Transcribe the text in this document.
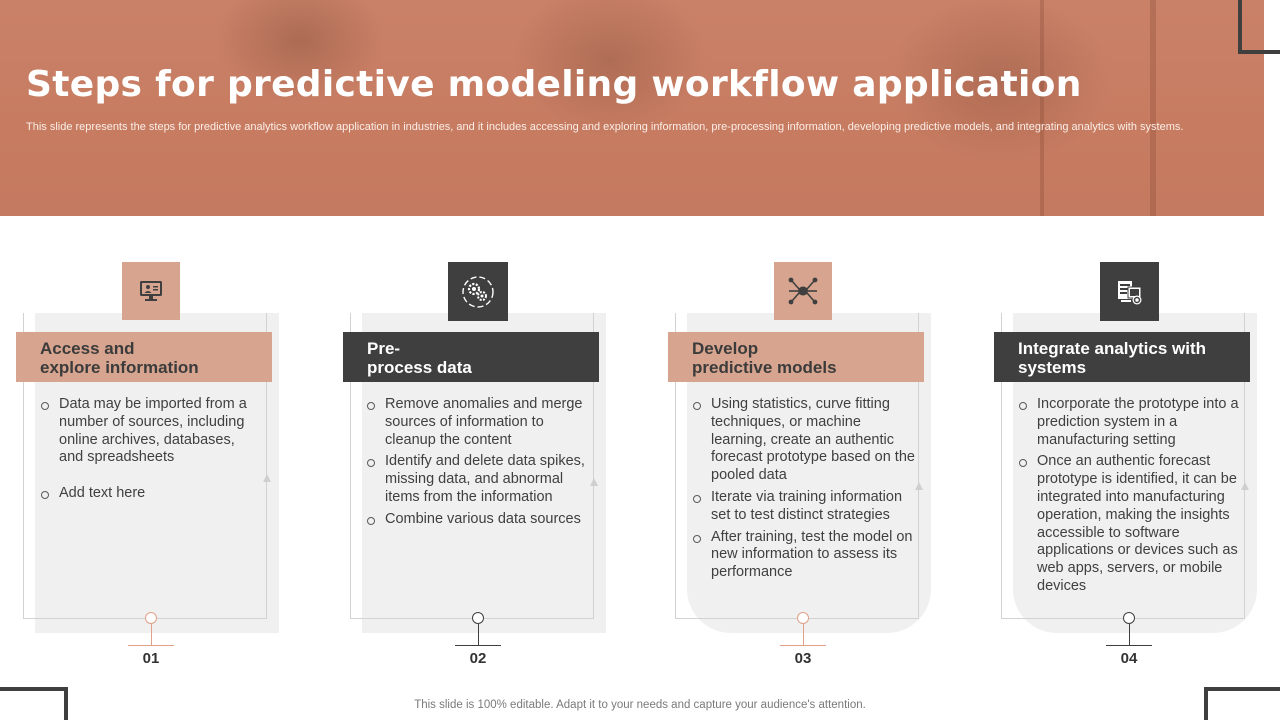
Steps for predictive modeling workflow application
This slide represents the steps for predictive analytics workflow application in industries, and it includes accessing and exploring information, pre-processing information, developing predictive models, and integrating analytics with systems.
Access and
explore information
Data may be imported from a number of sources, including online archives, databases, and spreadsheets
Add text here
01
Pre-
process data
Remove anomalies and merge sources of information to cleanup the content
Identify and delete data spikes, missing data, and abnormal items from the information
Combine various data sources
02
Develop
predictive models
Using statistics, curve fitting techniques, or machine learning, create an authentic forecast prototype based on the pooled data
Iterate via training information set to test distinct strategies
After training, test the model on new information to assess its performance
03
Integrate analytics with
systems
Incorporate the prototype into a prediction system in a manufacturing setting
Once an authentic forecast prototype is identified, it can be integrated into manufacturing operation, making the insights accessible to software applications or devices such as web apps, servers, or mobile devices
04
This slide is 100% editable. Adapt it to your needs and capture your audience's attention.
